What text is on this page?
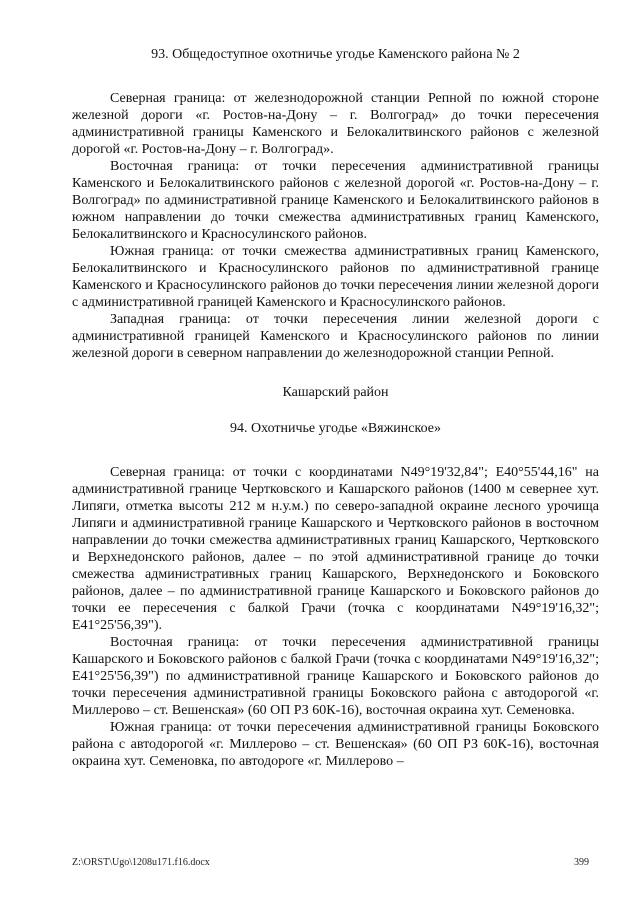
93. Общедоступное охотничье угодье Каменского района № 2

Северная граница: от железнодорожной станции Репной по южной стороне железной дороги «г. Ростов-на-Дону – г. Волгоград» до точки пересечения административной границы Каменского и Белокалитвинского районов с железной дорогой «г. Ростов-на-Дону – г. Волгоград».

Восточная граница: от точки пересечения административной границы Каменского и Белокалитвинского районов с железной дорогой «г. Ростов-на-Дону – г. Волгоград» по административной границе Каменского и Белокалитвинского районов в южном направлении до точки смежества административных границ Каменского, Белокалитвинского и Красносулинского районов.

Южная граница: от точки смежества административных границ Каменского, Белокалитвинского и Красносулинского районов по административной границе Каменского и Красносулинского районов до точки пересечения линии железной дороги с административной границей Каменского и Красносулинского районов.

Западная граница: от точки пересечения линии железной дороги с административной границей Каменского и Красносулинского районов по линии железной дороги в северном направлении до железнодорожной станции Репной.

Кашарский район

94. Охотничье угодье «Вяжинское»

Северная граница: от точки с координатами N49°19'32,84"; E40°55'44,16" на административной границе Чертковского и Кашарского районов (1400 м севернее хут. Липяги, отметка высоты 212 м н.у.м.) по северо-западной окраине лесного урочища Липяги и административной границе Кашарского и Чертковского районов в восточном направлении до точки смежества административных границ Кашарского, Чертковского и Верхнедонского районов, далее – по этой административной границе до точки смежества административных границ Кашарского, Верхнедонского и Боковского районов, далее – по административной границе Кашарского и Боковского районов до точки ее пересечения с балкой Грачи (точка с координатами N49°19'16,32"; E41°25'56,39").

Восточная граница: от точки пересечения административной границы Кашарского и Боковского районов с балкой Грачи (точка с координатами N49°19'16,32"; E41°25'56,39") по административной границе Кашарского и Боковского районов до точки пересечения административной границы Боковского района с автодорогой «г. Миллерово – ст. Вешенская» (60 ОП РЗ 60К-16), восточная окраина хут. Семеновка.

Южная граница: от точки пересечения административной границы Боковского района с автодорогой «г. Миллерово – ст. Вешенская» (60 ОП РЗ 60К-16), восточная окраина хут. Семеновка, по автодороге «г. Миллерово –

Z:\ORST\Ugo\1208u171.f16.docx	399
